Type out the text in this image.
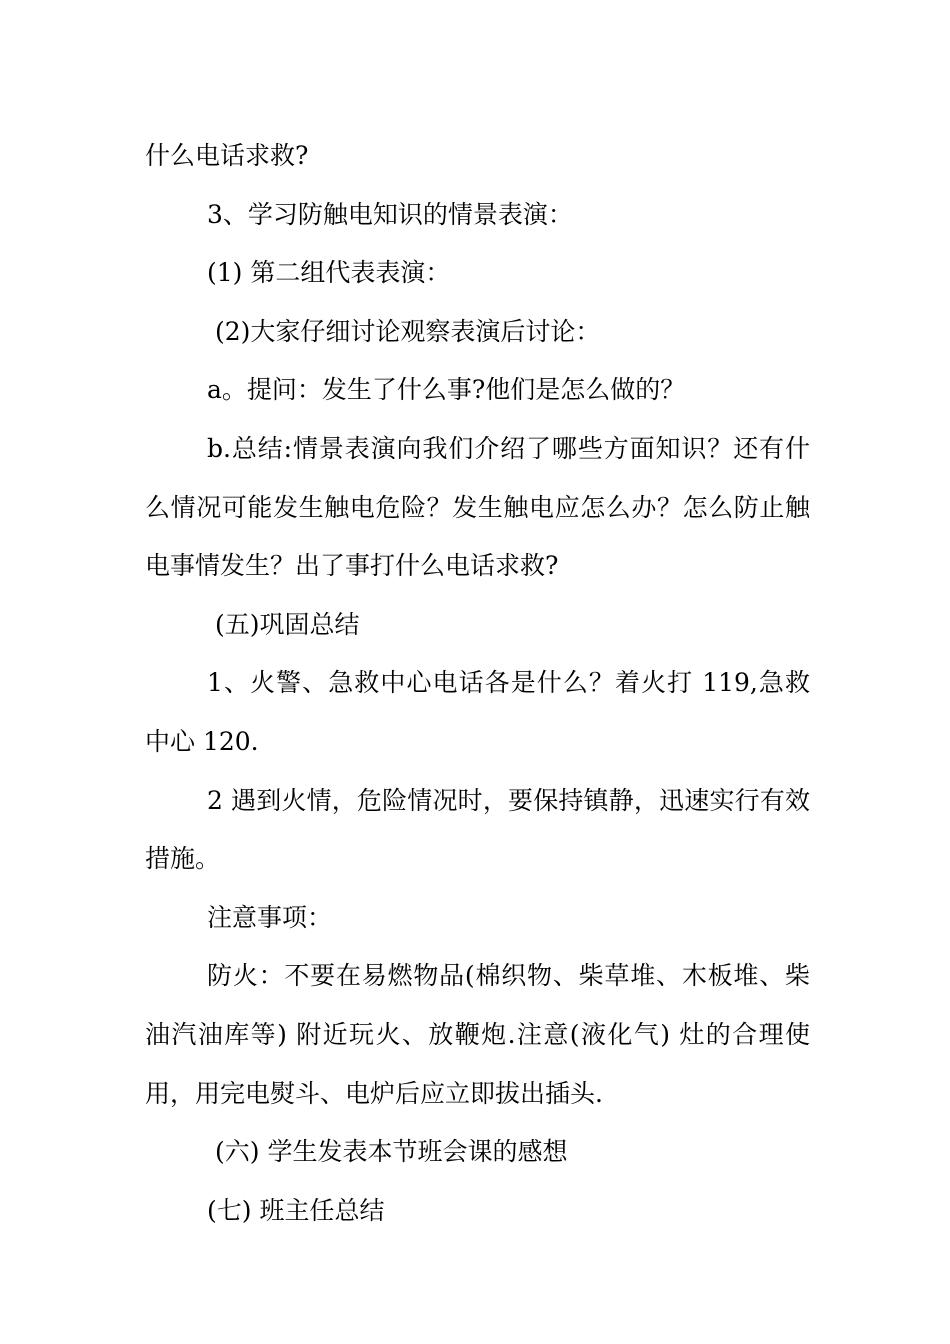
什么电话求救?

3、学习防触电知识的情景表演：

(1) 第二组代表表演：

(2)大家仔细讨论观察表演后讨论：

a。提问：发生了什么事?他们是怎么做的？

b.总结:情景表演向我们介绍了哪些方面知识？还有什么情况可能发生触电危险？发生触电应怎么办？怎么防止触电事情发生？出了事打什么电话求救?

(五)巩固总结

1、火警、急救中心电话各是什么？着火打 119,急救中心 120.

2 遇到火情，危险情况时，要保持镇静，迅速实行有效措施。

注意事项：

防火：不要在易燃物品(棉织物、柴草堆、木板堆、柴油汽油库等) 附近玩火、放鞭炮.注意(液化气) 灶的合理使用，用完电熨斗、电炉后应立即拔出插头.

(六) 学生发表本节班会课的感想

(七) 班主任总结
